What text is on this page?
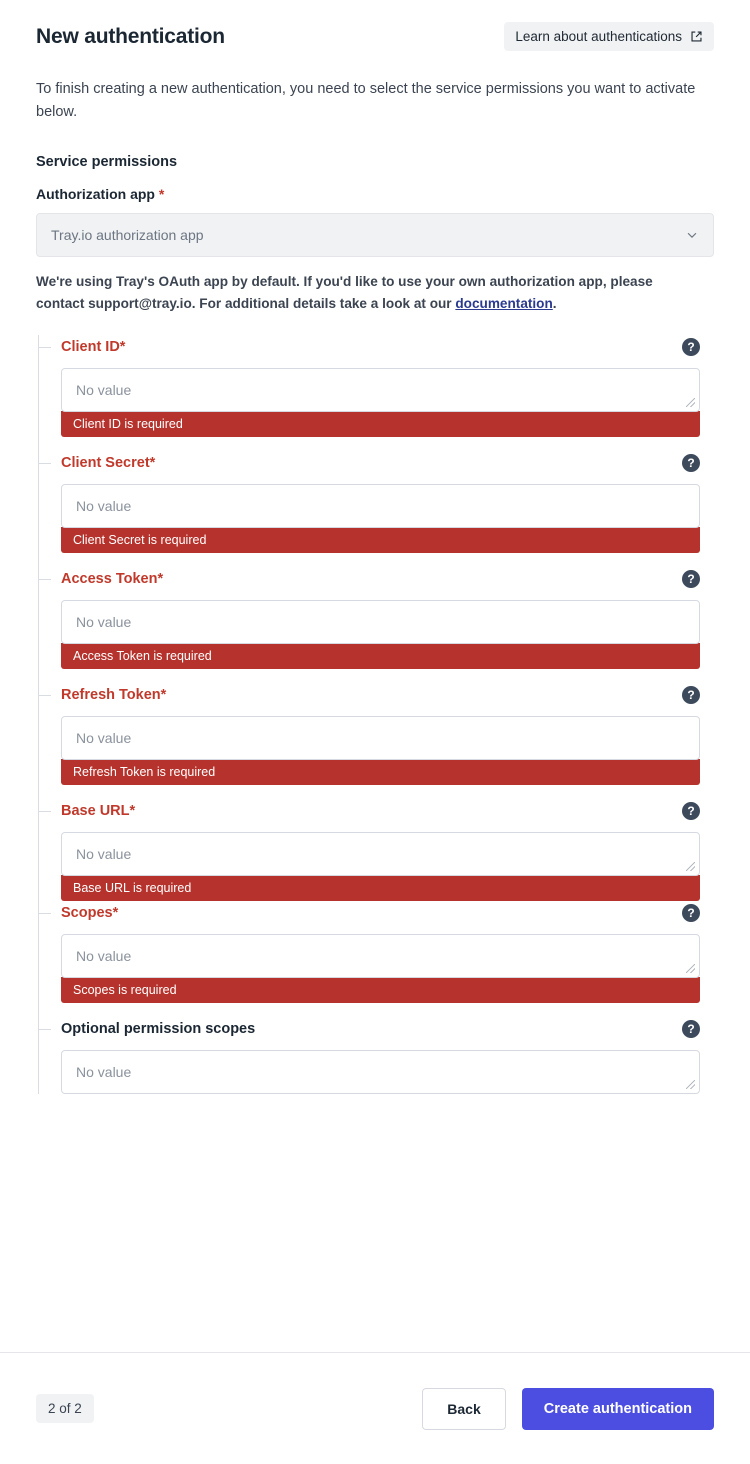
New authentication	Learn about authentications

To finish creating a new authentication, you need to select the service permissions you want to activate below.

Service permissions
Authorization app *
Tray.io authorization app

We're using Tray's OAuth app by default. If you'd like to use your own authorization app, please contact support@tray.io. For additional details take a look at our documentation.

Client ID*	?
No value
Client ID is required
Client Secret*	?
No value
Client Secret is required
Access Token*	?
No value
Access Token is required
Refresh Token*	?
No value
Refresh Token is required
Base URL*	?
No value
Base URL is required
Scopes*	?
No value
Scopes is required
Optional permission scopes	?
No value
2 of 2	Back	Create authentication
